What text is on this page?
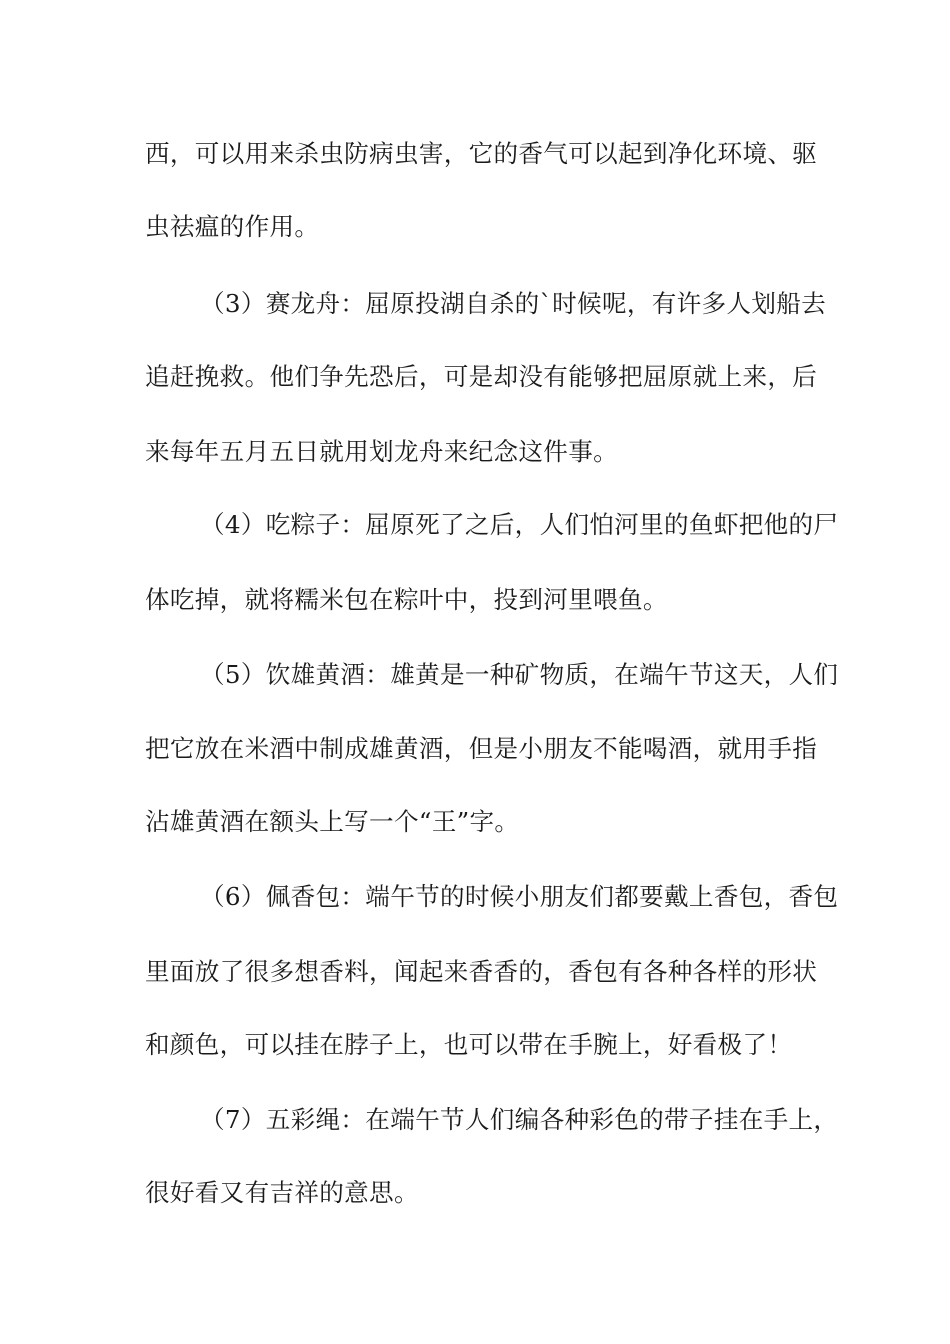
西，可以用来杀虫防病虫害，它的香气可以起到净化环境、驱

虫祛瘟的作用。

（3）赛龙舟：屈原投湖自杀的`时候呢，有许多人划船去

追赶挽救。他们争先恐后，可是却没有能够把屈原就上来，后

来每年五月五日就用划龙舟来纪念这件事。

（4）吃粽子：屈原死了之后，人们怕河里的鱼虾把他的尸

体吃掉，就将糯米包在粽叶中，投到河里喂鱼。

（5）饮雄黄酒：雄黄是一种矿物质，在端午节这天，人们

把它放在米酒中制成雄黄酒，但是小朋友不能喝酒，就用手指

沾雄黄酒在额头上写一个“王”字。

（6）佩香包：端午节的时候小朋友们都要戴上香包，香包

里面放了很多想香料，闻起来香香的，香包有各种各样的形状

和颜色，可以挂在脖子上，也可以带在手腕上，好看极了！

（7）五彩绳：在端午节人们编各种彩色的带子挂在手上，

很好看又有吉祥的意思。
